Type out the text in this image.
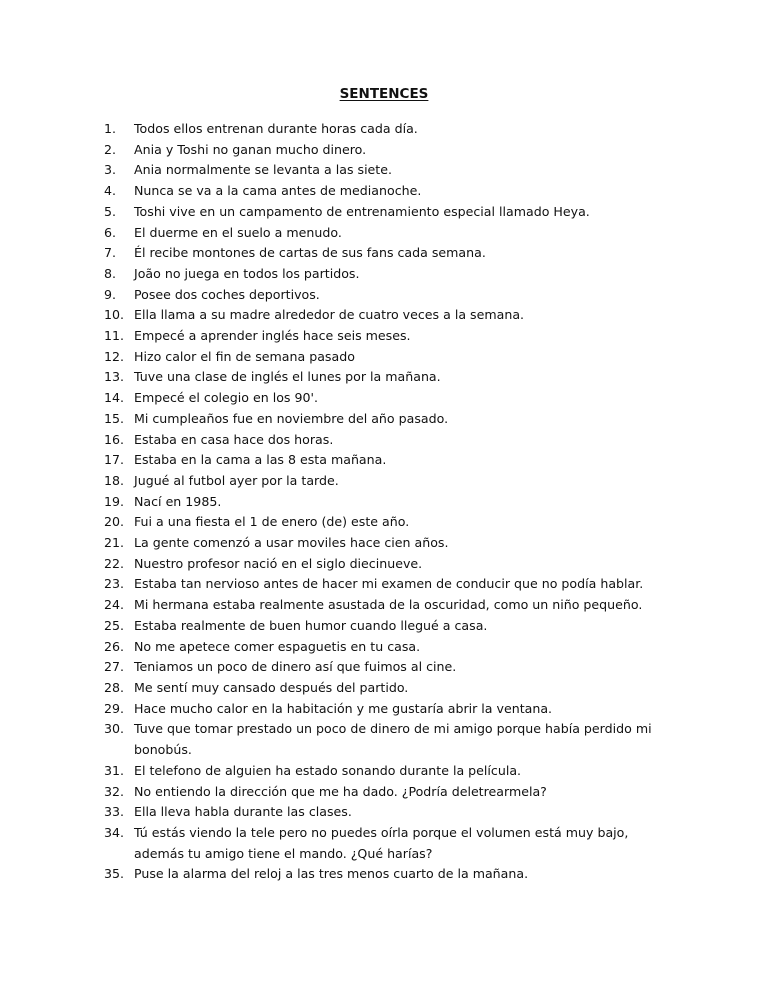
SENTENCES
1.	Todos ellos entrenan durante horas cada día.
2.	Ania y Toshi no ganan mucho dinero.
3.	Ania normalmente se levanta a las siete.
4.	Nunca se va a la cama antes de medianoche.
5.	Toshi vive en un campamento de entrenamiento especial llamado Heya.
6.	El duerme en el suelo a menudo.
7.	Él recibe montones de cartas de sus fans cada semana.
8.	João no juega en todos los partidos.
9.	Posee dos coches deportivos.
10. Ella llama a su madre alrededor de cuatro veces a la semana.
11. Empecé a aprender inglés hace seis meses.
12. Hizo calor el fin de semana pasado
13. Tuve una clase de inglés el lunes por la mañana.
14. Empecé el colegio en los 90'.
15. Mi cumpleaños fue en noviembre del año pasado.
16. Estaba en casa hace dos horas.
17. Estaba en la cama a las 8 esta mañana.
18. Jugué al futbol ayer por la tarde.
19. Nací en 1985.
20. Fui a una fiesta el 1 de enero (de) este año.
21. La gente comenzó a usar moviles hace cien años.
22. Nuestro profesor nació en el siglo diecinueve.
23. Estaba tan nervioso antes de hacer mi examen de conducir que no podía hablar.
24. Mi hermana estaba realmente asustada de la oscuridad, como un niño pequeño.
25. Estaba realmente de buen humor cuando llegué a casa.
26. No me apetece comer espaguetis en tu casa.
27. Teniamos un poco de dinero así que fuimos al cine.
28. Me sentí muy cansado después del partido.
29. Hace mucho calor en la habitación y me gustaría abrir la ventana.
30. Tuve que tomar prestado un poco de dinero de mi amigo porque había perdido mi
bonobús.
31. El telefono de alguien ha estado sonando durante la película.
32. No entiendo la dirección que me ha dado. ¿Podría deletrearmela?
33. Ella lleva habla durante las clases.
34. Tú estás viendo la tele pero no puedes oírla porque el volumen está muy bajo,
además tu amigo tiene el mando. ¿Qué harías?
35. Puse la alarma del reloj a las tres menos cuarto de la mañana.
